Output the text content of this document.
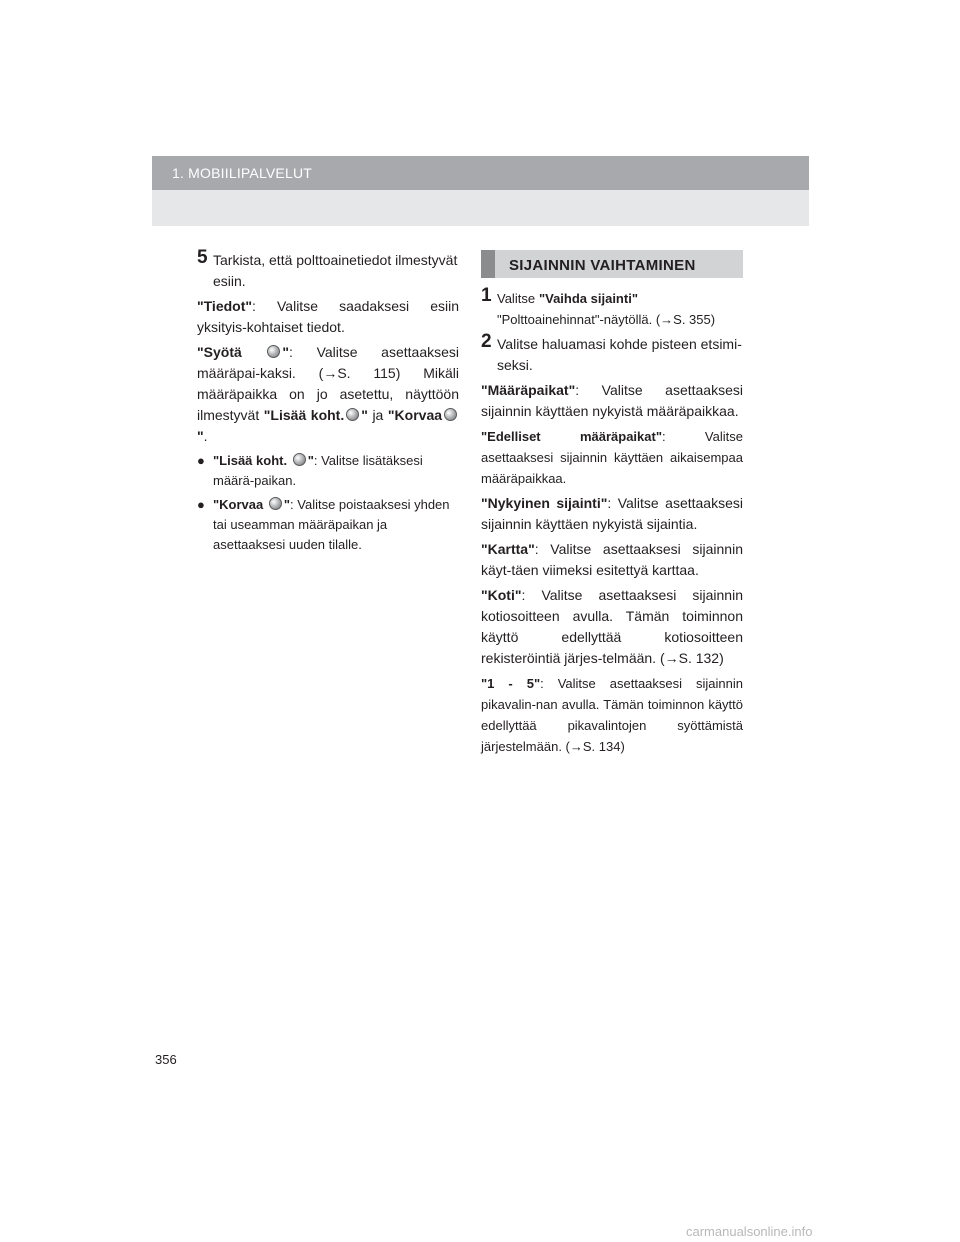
1. MOBIILIPALVELUT
5 Tarkista, että polttoainetiedot ilmestyvät esiin.

"Tiedot": Valitse saadaksesi esiin yksityis-kohtaiset tiedot.

"Syötä	": Valitse asettaaksesi määräpai-kaksi. (→S. 115) Mikäli määräpaikka on jo asetettu, näyttöön ilmestyvät "Lisää koht. " ja "Korvaa".

● "Lisää koht. ": Valitse lisätäksesi määrä-paikan.
● "Korvaa ": Valitse poistaaksesi yhden tai useamman määräpaikan ja asettaaksesi uuden tilalle.
SIJAINNIN VAIHTAMINEN
1 Valitse "Vaihda sijainti" "Polttoainehinnat"-näytöllä. (→S. 355)
2 Valitse haluamasi kohde pisteen etsimi-seksi.

"Määräpaikat": Valitse asettaaksesi sijainnin käyttäen nykyistä määräpaikkaa.

"Edelliset määräpaikat": Valitse asettaaksesi sijainnin käyttäen aikaisempaa määräpaikkaa.

"Nykyinen sijainti": Valitse asettaaksesi sijainnin käyttäen nykyistä sijaintia.

"Kartta": Valitse asettaaksesi sijainnin käyt-täen viimeksi esitettyä karttaa.

"Koti": Valitse asettaaksesi sijainnin kotiosoitteen avulla. Tämän toiminnon käyttö edellyttää kotiosoitteen rekisteröintiä järjes-telmään. (→S. 132)

"1 - 5": Valitse asettaaksesi sijainnin pikavalin-nan avulla. Tämän toiminnon käyttö edellyttää pikavalintojen syöttämistä järjestelmään. (→S. 134)

356
carmanualsonline.info
